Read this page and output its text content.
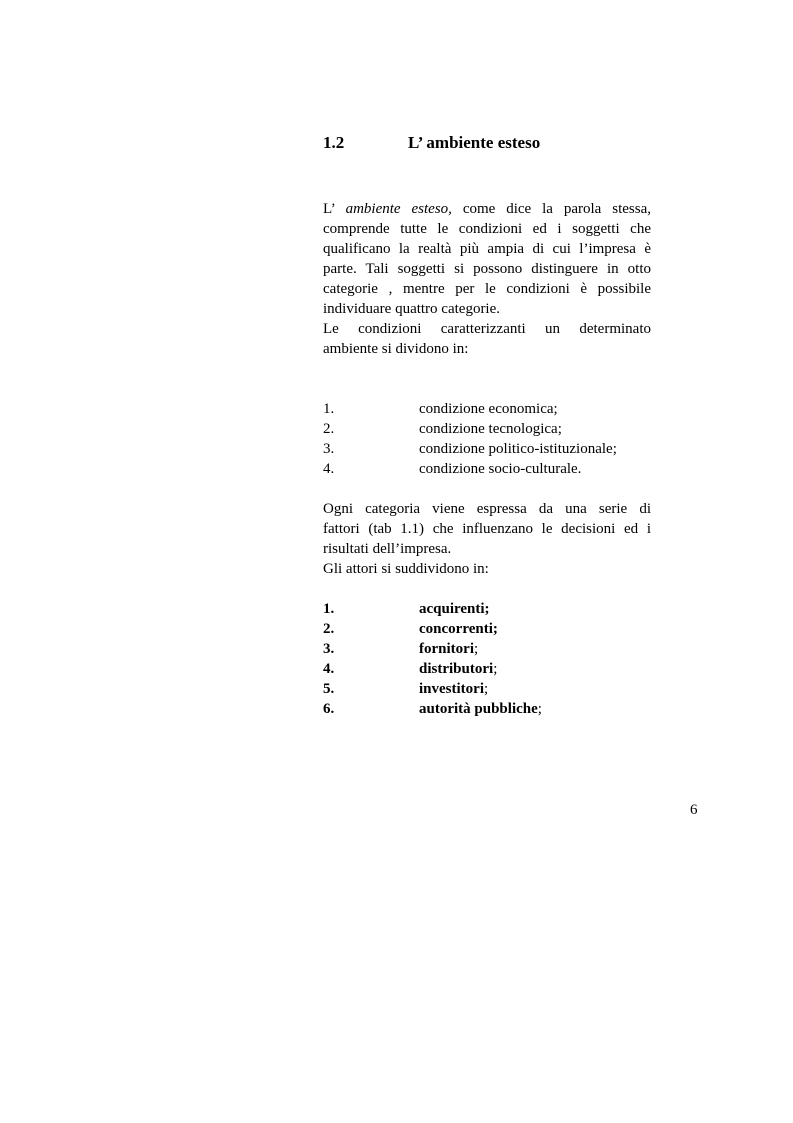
1.2	L’ ambiente esteso
L’ ambiente esteso, come dice la parola stessa,
comprende tutte le condizioni ed i soggetti che
qualificano la realtà più ampia di cui l’impresa è
parte. Tali soggetti si possono distinguere in otto
categorie , mentre per le condizioni è possibile
individuare quattro categorie.
Le condizioni caratterizzanti un determinato
ambiente si dividono in:
1.	condizione economica;
2.	condizione tecnologica;
3.	condizione politico-istituzionale;
4.	condizione socio-culturale.
Ogni categoria viene espressa da una serie di
fattori (tab 1.1) che influenzano le decisioni ed i
risultati dell’impresa.
Gli attori si suddividono in:
1.	acquirenti;
2.	concorrenti;
3.	fornitori;
4.	distributori;
5.	investitori;
6.	autorità pubbliche;
6
